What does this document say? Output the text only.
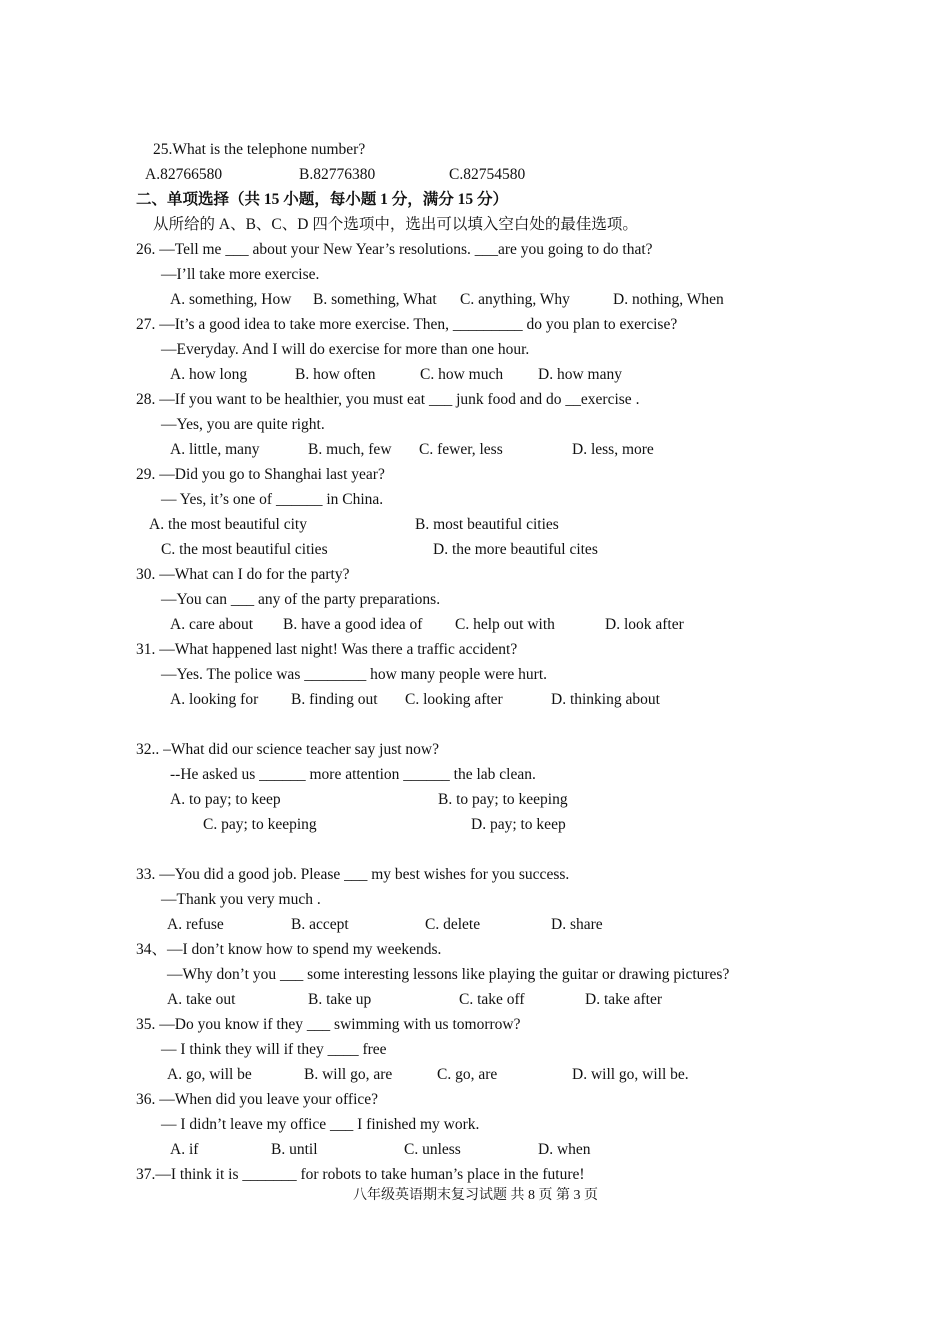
25.What is the telephone number?
A.82766580	B.82776380	C.82754580
二、单项选择（共 15 小题，每小题 1 分，满分 15 分）
从所给的 A、B、C、D 四个选项中，选出可以填入空白处的最佳选项。
26. —Tell me ___ about your New Year’s resolutions. ___are you going to do that?
—I’ll take more exercise.
A. something, How B. something, What C. anything, Why	D. nothing, When
27. —It’s a good idea to take more exercise. Then, _________ do you plan to exercise?
—Everyday. And I will do exercise for more than one hour.
A. how long	B. how often	C. how much D. how many
28. —If you want to be healthier, you must eat ___ junk food and do __exercise .
—Yes, you are quite right.
A. little, many	B. much, few C. fewer, less	D. less, more
29. —Did you go to Shanghai last year?
— Yes, it’s one of ______ in China.
A. the most beautiful city	B. most beautiful cities
C. the most beautiful cities	D. the more beautiful cites
30. —What can I do for the party?
—You can ___ any of the party preparations.
A. care about B. have a good idea of C. help out with	D. look after
31. —What happened last night! Was there a traffic accident?
—Yes. The police was ________ how many people were hurt.
A. looking for B. finding out C. looking after	D. thinking about
32.. –What did our science teacher say just now?
--He asked us ______ more attention ______ the lab clean.
A. to pay; to keep	B. to pay; to keeping
C. pay; to keeping	D. pay; to keep
33. —You did a good job. Please ___ my best wishes for you success.
—Thank you very much .
A. refuse	B. accept	C. delete	D. share
34、—I don’t know how to spend my weekends.
—Why don’t you ___ some interesting lessons like playing the guitar or drawing pictures?
A. take out	B. take up	C. take off	D. take after
35. —Do you know if they ___ swimming with us tomorrow?
— I think they will if they ____ free
A. go, will be	B. will go, are	C. go, are	D. will go, will be.
36. —When did you leave your office?
— I didn’t leave my office ___ I finished my work.
A. if	B. until	C. unless	D. when
37.—I think it is _______ for robots to take human’s place in the future!
八年级英语期末复习试题 共 8 页 第 3 页
